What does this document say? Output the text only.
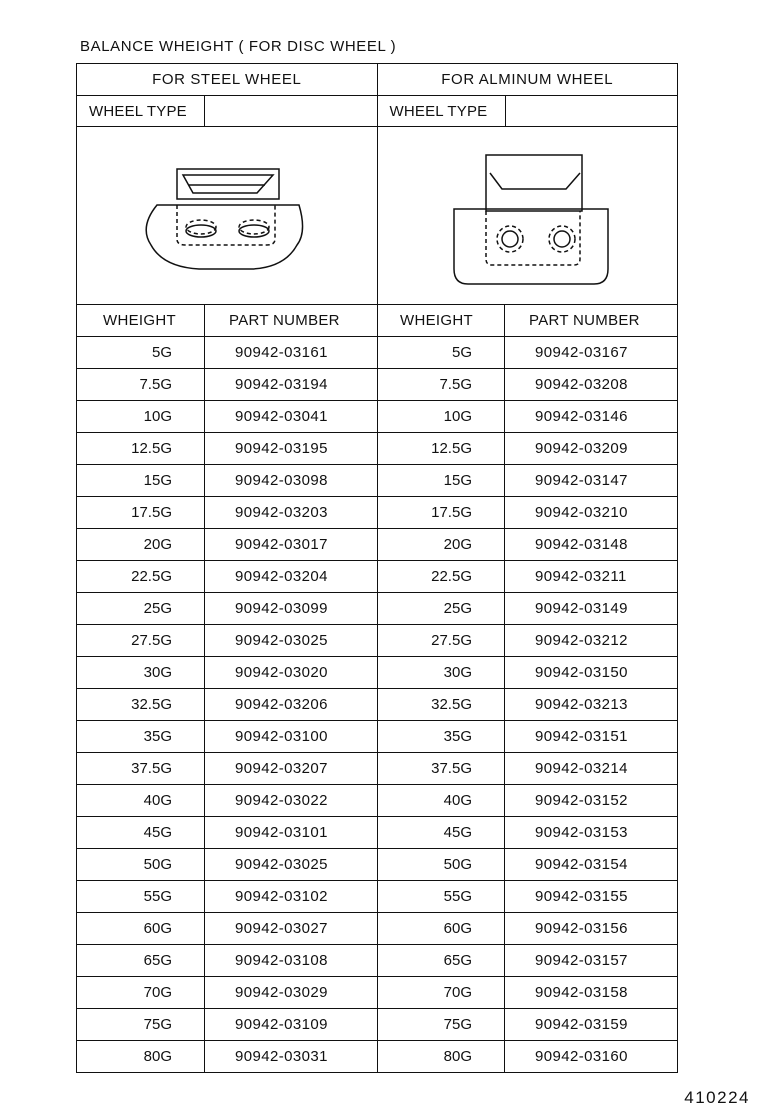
BALANCE WHEIGHT ( FOR DISC WHEEL )
FOR STEEL WHEEL	FOR ALMINUM WHEEL
WHEEL TYPE	WHEEL TYPE
WHEIGHT	PART NUMBER	WHEIGHT	PART NUMBER
5G	90942-03161	5G	90942-03167
7.5G	90942-03194	7.5G	90942-03208
10G	90942-03041	10G	90942-03146
12.5G	90942-03195	12.5G	90942-03209
15G	90942-03098	15G	90942-03147
17.5G	90942-03203	17.5G	90942-03210
20G	90942-03017	20G	90942-03148
22.5G	90942-03204	22.5G	90942-03211
25G	90942-03099	25G	90942-03149
27.5G	90942-03025	27.5G	90942-03212
30G	90942-03020	30G	90942-03150
32.5G	90942-03206	32.5G	90942-03213
35G	90942-03100	35G	90942-03151
37.5G	90942-03207	37.5G	90942-03214
40G	90942-03022	40G	90942-03152
45G	90942-03101	45G	90942-03153
50G	90942-03025	50G	90942-03154
55G	90942-03102	55G	90942-03155
60G	90942-03027	60G	90942-03156
65G	90942-03108	65G	90942-03157
70G	90942-03029	70G	90942-03158
75G	90942-03109	75G	90942-03159
80G	90942-03031	80G	90942-03160
410224
